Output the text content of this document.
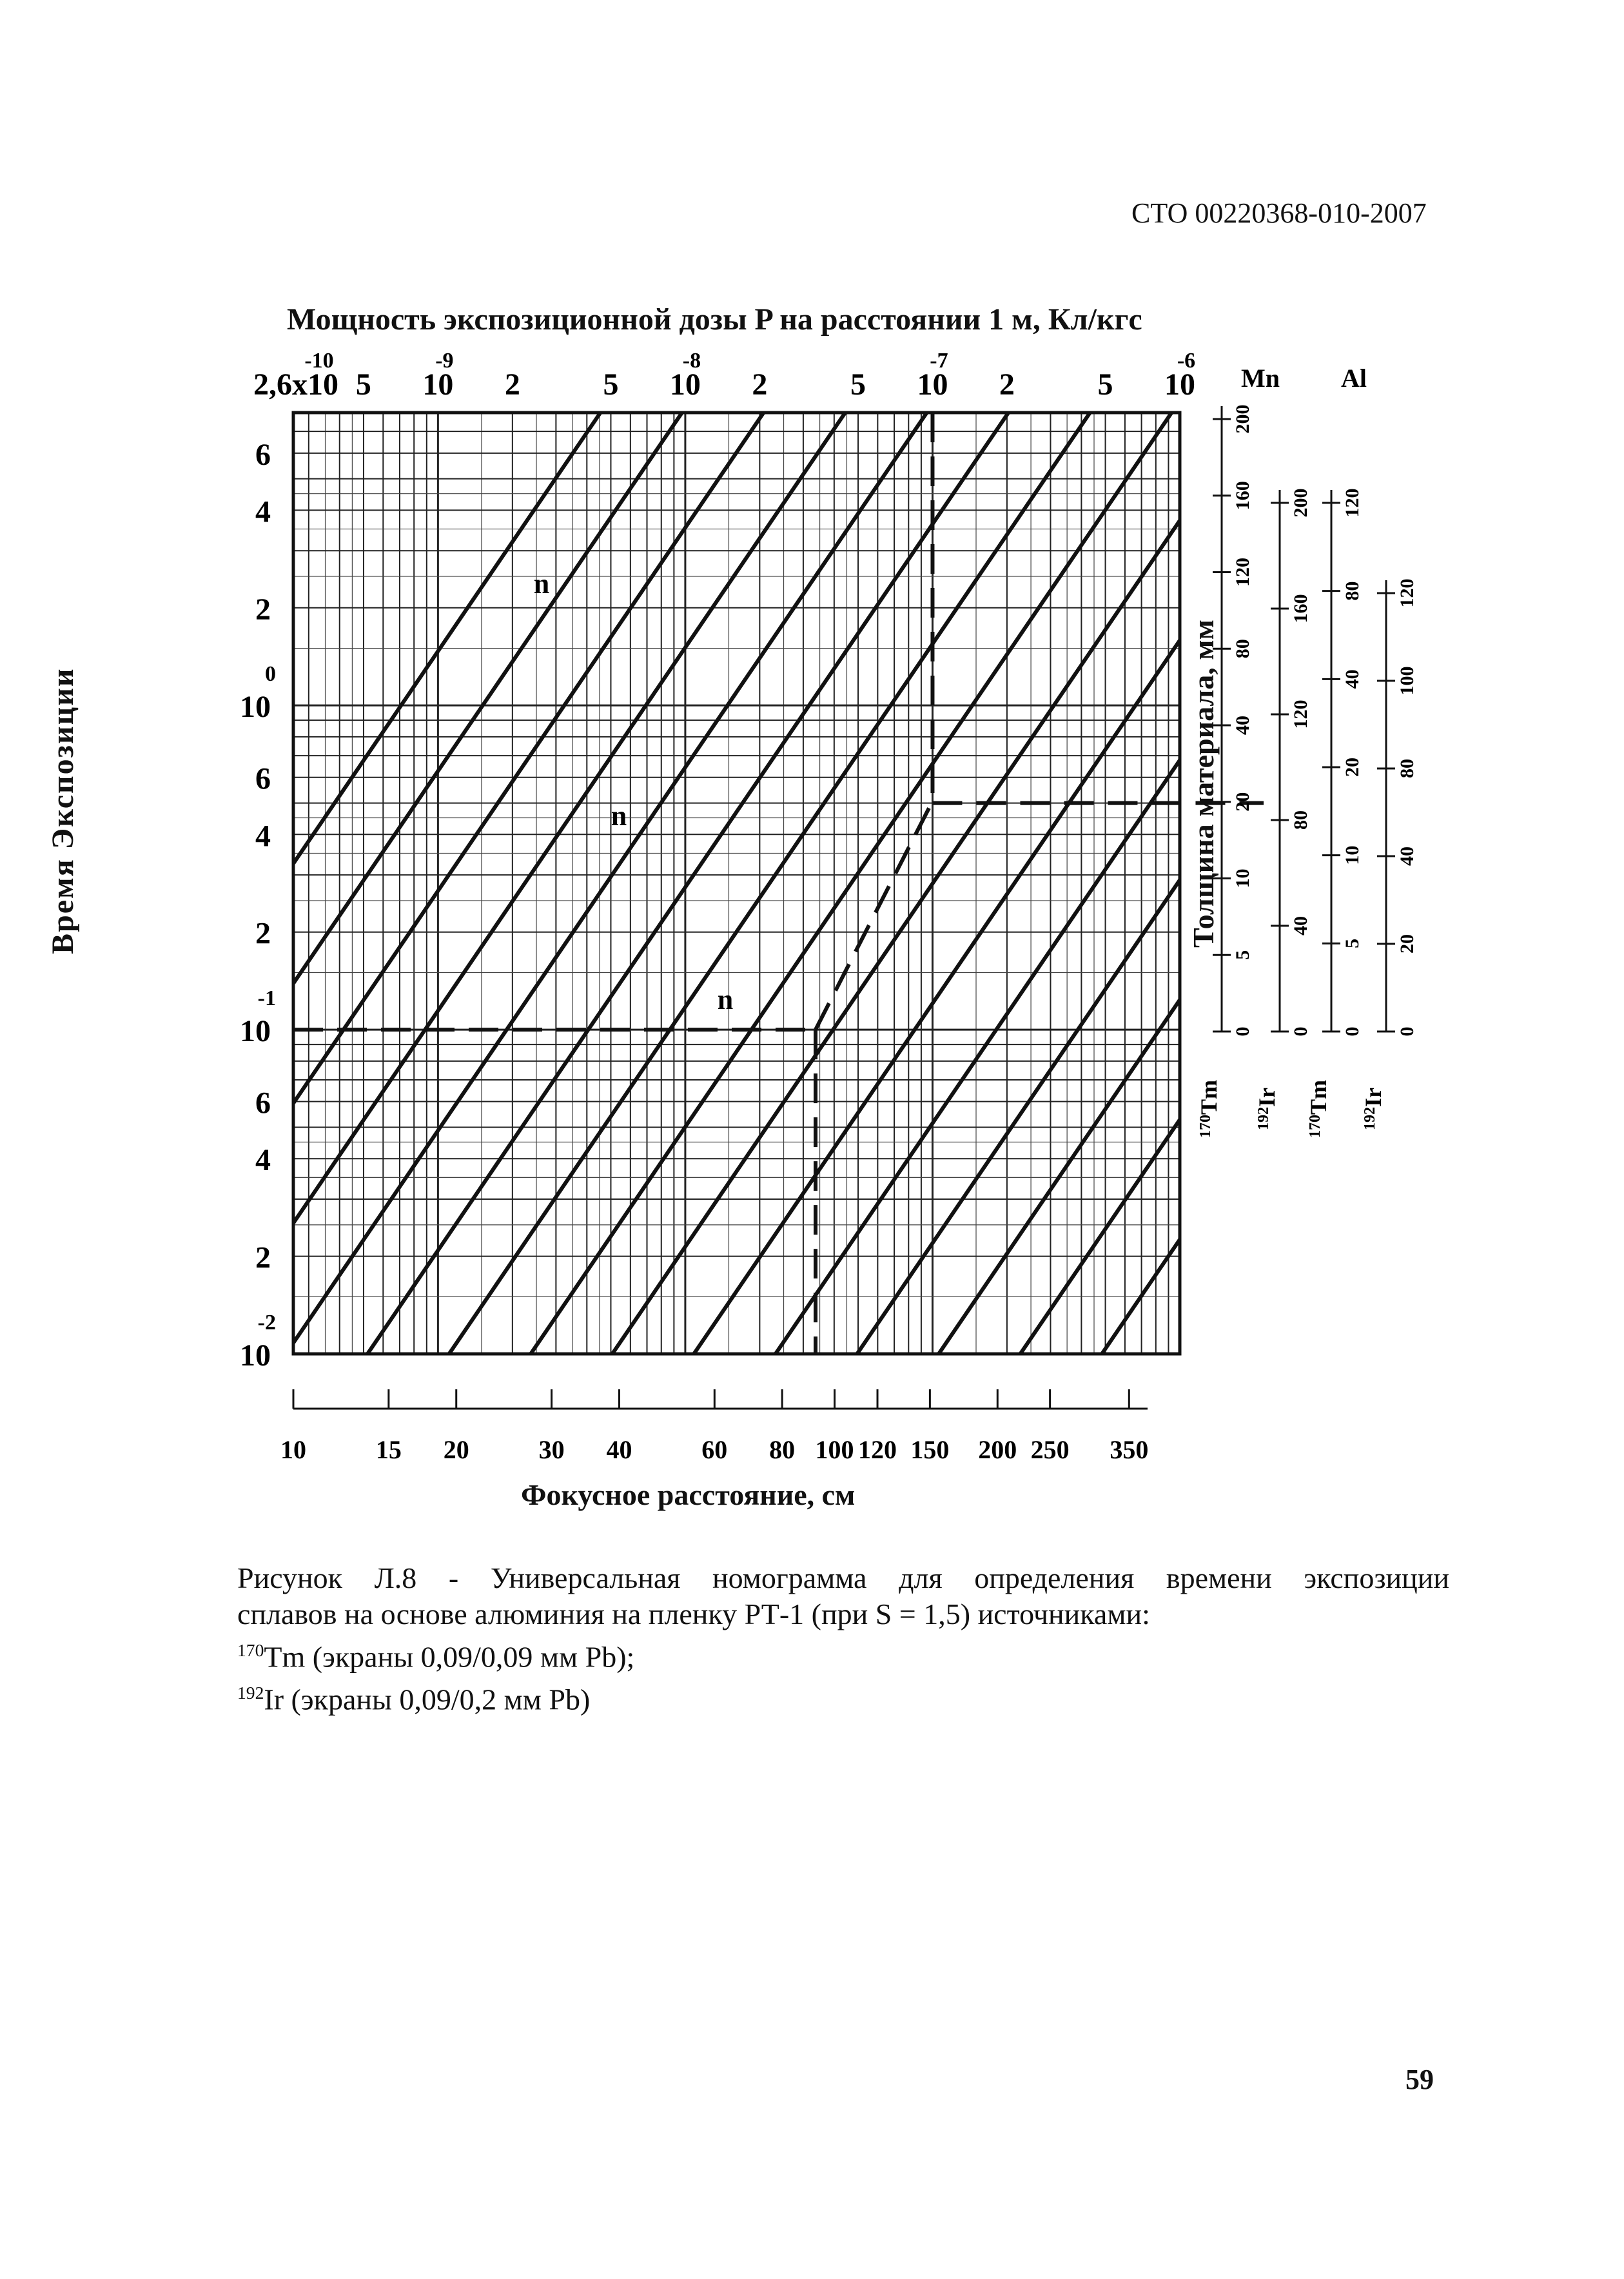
СТО 00220368-010-2007
Мощность экспозиционной дозы P на расстоянии 1 м, Кл/кгс
Время Экспозиции
n
n
n
2,6x10
-10
5 10
-9
2	5 10
-8
2	5 10
-7
2	5 10
-6
6
4
2
10
0
6
4
2
10
-1
6
4
2
10
-2
10	15 20	30 40	60 80 100 120 150 200 250 350
0
5
10
20
40
80
120
160
200
$^{170}$Tm
0
40
80
120
160
200
$^{192}$Ir
0
5
10
20
40
80
120
$^{170}$Tm
0
20
40
80
100
120
$^{192}$Ir
Mn Al
Толщина материала, мм
Фокусное расстояние, см
Рисунок Л.8 - Универсальная номограмма для определения времени экспозиции
сплавов на основе алюминия на пленку РТ-1 (при S = 1,5) источниками:
$^{170}$Tm (экраны 0,09/0,09 мм Pb);
$^{192}$Ir (экраны 0,09/0,2 мм Pb)
59
